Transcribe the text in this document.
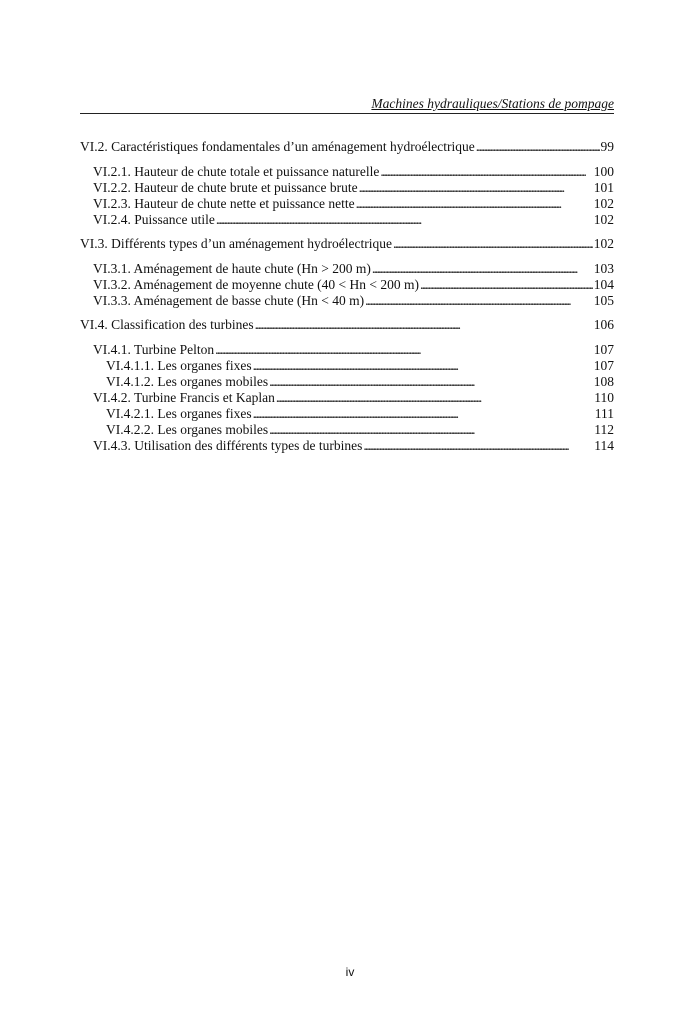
Machines hydrauliques/Stations de pompage
VI.2. Caractéristiques fondamentales d’un aménagement hydroélectrique . . .	99
VI.2.1. Hauteur de chute totale et puissance naturelle . . .	100
VI.2.2. Hauteur de chute brute et puissance brute . . .	101
VI.2.3. Hauteur de chute nette et puissance nette . . .	102
VI.2.4. Puissance utile . . .	102
VI.3. Différents types d’un aménagement hydroélectrique . . .	102
VI.3.1. Aménagement de haute chute (Hn > 200 m) . . .	103
VI.3.2. Aménagement de moyenne chute (40 < Hn < 200 m) . . .	104
VI.3.3. Aménagement de basse chute (Hn < 40 m) . . .	105
VI.4. Classification des turbines . . .	106
VI.4.1. Turbine Pelton . . .	107
VI.4.1.1. Les organes fixes . . .	107
VI.4.1.2. Les organes mobiles . . .	108
VI.4.2. Turbine Francis et Kaplan . . .	110
VI.4.2.1. Les organes fixes . . .	111
VI.4.2.2. Les organes mobiles . . .	112
VI.4.3. Utilisation des différents types de turbines . . .	114
iv
